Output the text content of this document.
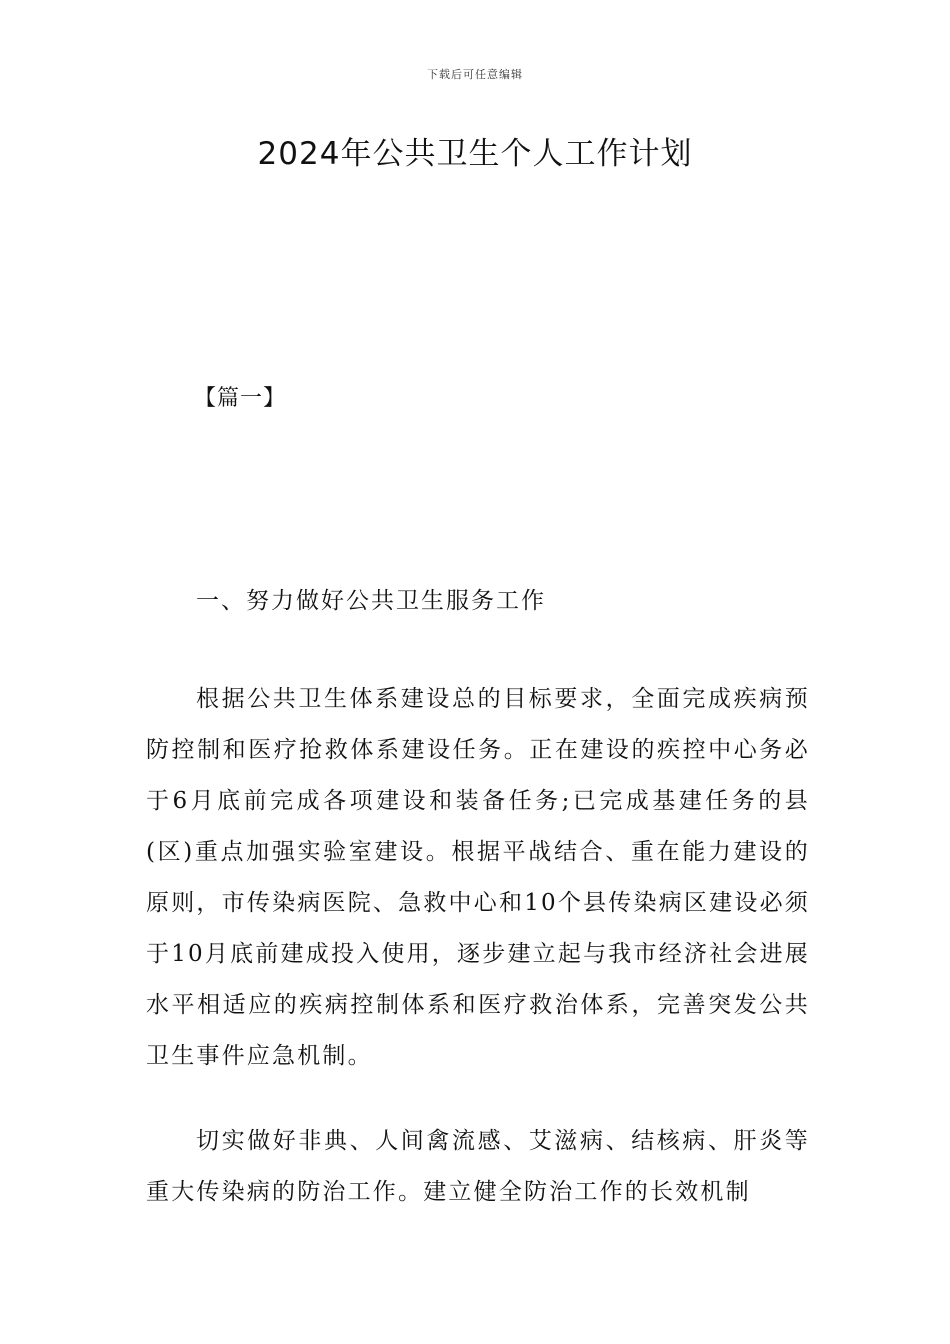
下载后可任意编辑
2024年公共卫生个人工作计划
【篇一】
一、努力做好公共卫生服务工作

根据公共卫生体系建设总的目标要求，全面完成疾病预防控制和医疗抢救体系建设任务。正在建设的疾控中心务必于6月底前完成各项建设和装备任务;已完成基建任务的县(区)重点加强实验室建设。根据平战结合、重在能力建设的原则，市传染病医院、急救中心和10个县传染病区建设必须于10月底前建成投入使用，逐步建立起与我市经济社会进展水平相适应的疾病控制体系和医疗救治体系，完善突发公共卫生事件应急机制。

切实做好非典、人间禽流感、艾滋病、结核病、肝炎等重大传染病的防治工作。建立健全防治工作的长效机制
